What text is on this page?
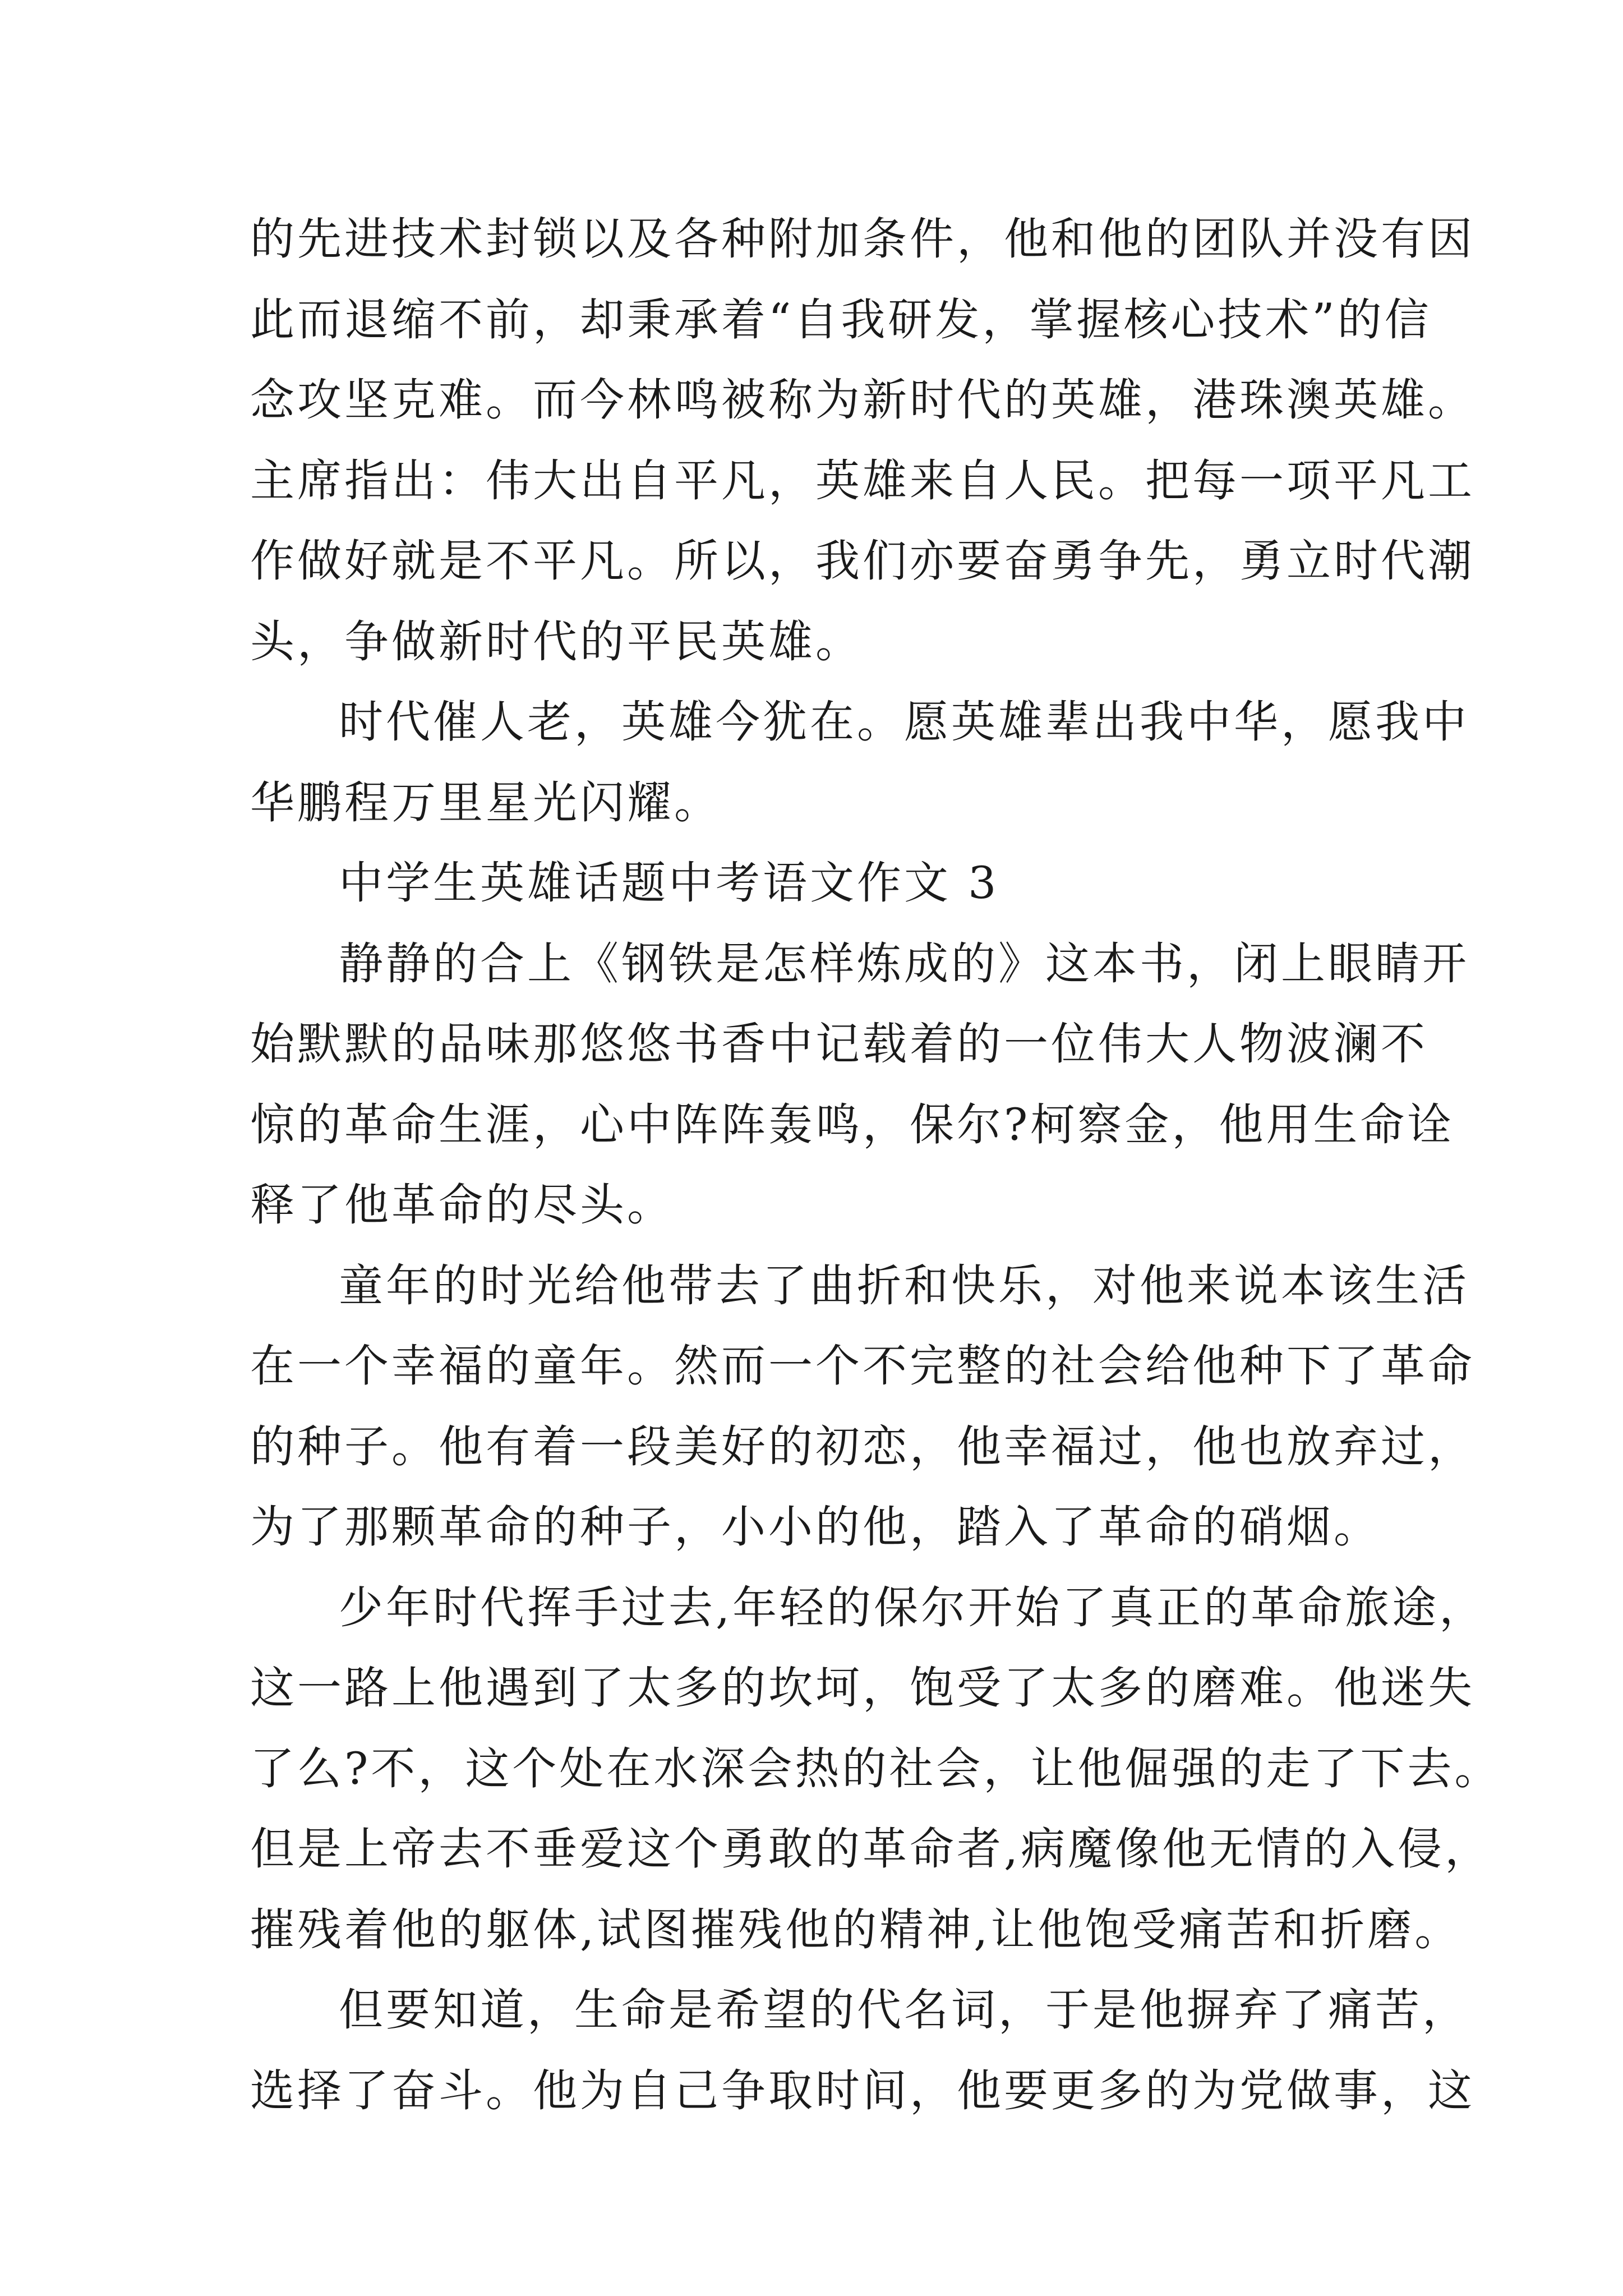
的先进技术封锁以及各种附加条件，他和他的团队并没有因
此而退缩不前，却秉承着“自我研发，掌握核心技术”的信
念攻坚克难。而今林鸣被称为新时代的英雄，港珠澳英雄。
主席指出：伟大出自平凡，英雄来自人民。把每一项平凡工
作做好就是不平凡。所以，我们亦要奋勇争先，勇立时代潮
头，争做新时代的平民英雄。
时代催人老，英雄今犹在。愿英雄辈出我中华，愿我中
华鹏程万里星光闪耀。
中学生英雄话题中考语文作文 3
静静的合上《钢铁是怎样炼成的》这本书，闭上眼睛开
始默默的品味那悠悠书香中记载着的一位伟大人物波澜不
惊的革命生涯，心中阵阵轰鸣，保尔?柯察金，他用生命诠
释了他革命的尽头。
童年的时光给他带去了曲折和快乐，对他来说本该生活
在一个幸福的童年。然而一个不完整的社会给他种下了革命
的种子。他有着一段美好的初恋，他幸福过，他也放弃过，
为了那颗革命的种子，小小的他，踏入了革命的硝烟。
少年时代挥手过去,年轻的保尔开始了真正的革命旅途，
这一路上他遇到了太多的坎坷，饱受了太多的磨难。他迷失
了么?不，这个处在水深会热的社会，让他倔强的走了下去。
但是上帝去不垂爱这个勇敢的革命者,病魔像他无情的入侵，
摧残着他的躯体,试图摧残他的精神,让他饱受痛苦和折磨。
但要知道，生命是希望的代名词，于是他摒弃了痛苦，
选择了奋斗。他为自己争取时间，他要更多的为党做事，这
